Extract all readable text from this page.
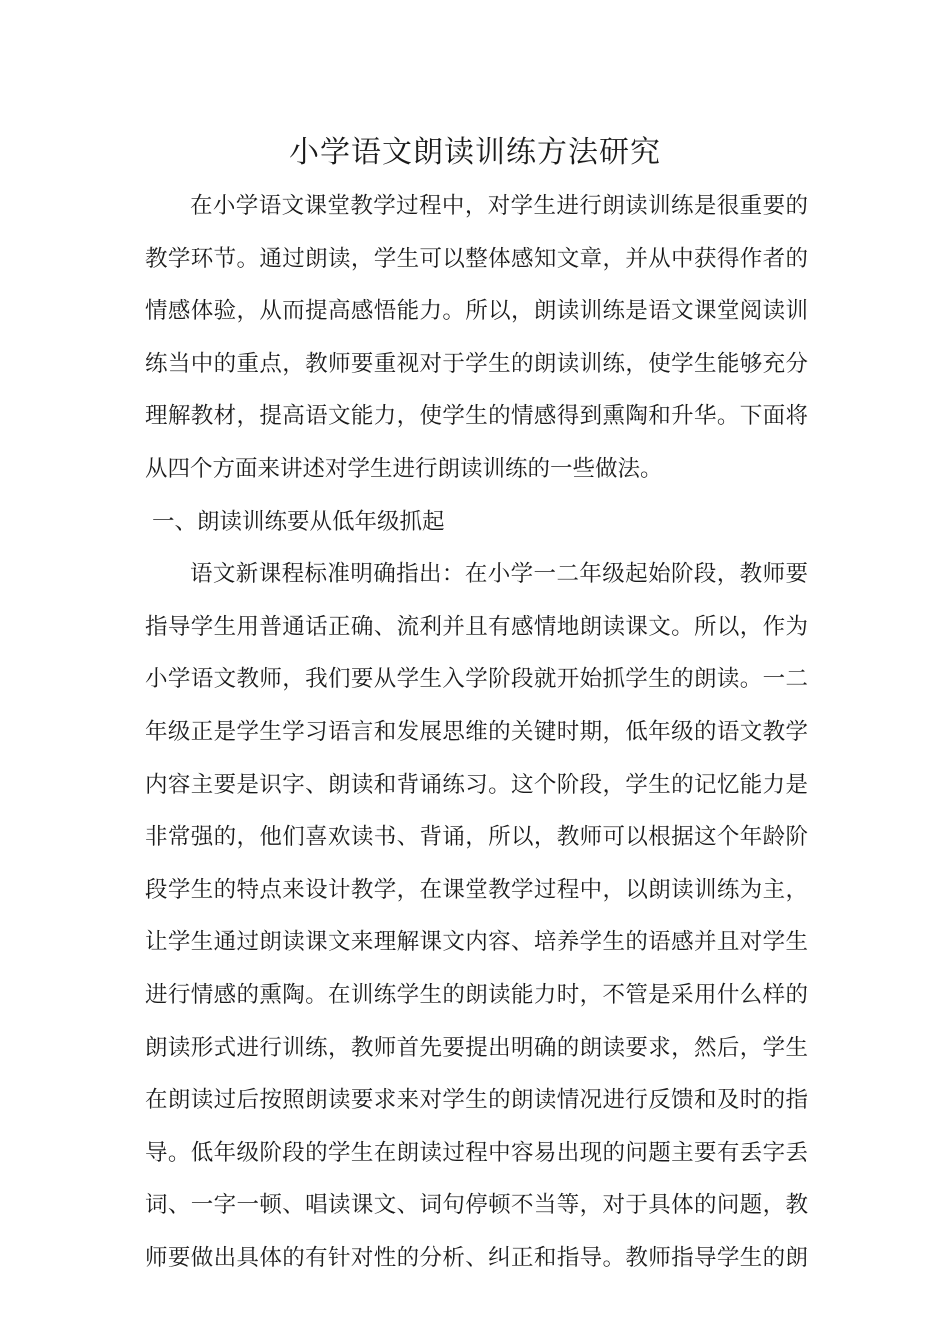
小学语文朗读训练方法研究
在小学语文课堂教学过程中，对学生进行朗读训练是很重要的
教学环节。通过朗读，学生可以整体感知文章，并从中获得作者的
情感体验，从而提高感悟能力。所以，朗读训练是语文课堂阅读训
练当中的重点，教师要重视对于学生的朗读训练，使学生能够充分
理解教材，提高语文能力，使学生的情感得到熏陶和升华。下面将
从四个方面来讲述对学生进行朗读训练的一些做法。
一、朗读训练要从低年级抓起
语文新课程标准明确指出：在小学一二年级起始阶段，教师要
指导学生用普通话正确、流利并且有感情地朗读课文。所以，作为
小学语文教师，我们要从学生入学阶段就开始抓学生的朗读。一二
年级正是学生学习语言和发展思维的关键时期，低年级的语文教学
内容主要是识字、朗读和背诵练习。这个阶段，学生的记忆能力是
非常强的，他们喜欢读书、背诵，所以，教师可以根据这个年龄阶
段学生的特点来设计教学，在课堂教学过程中，以朗读训练为主，
让学生通过朗读课文来理解课文内容、培养学生的语感并且对学生
进行情感的熏陶。在训练学生的朗读能力时，不管是采用什么样的
朗读形式进行训练，教师首先要提出明确的朗读要求，然后，学生
在朗读过后按照朗读要求来对学生的朗读情况进行反馈和及时的指
导。低年级阶段的学生在朗读过程中容易出现的问题主要有丢字丢
词、一字一顿、唱读课文、词句停顿不当等，对于具体的问题，教
师要做出具体的有针对性的分析、纠正和指导。教师指导学生的朗
